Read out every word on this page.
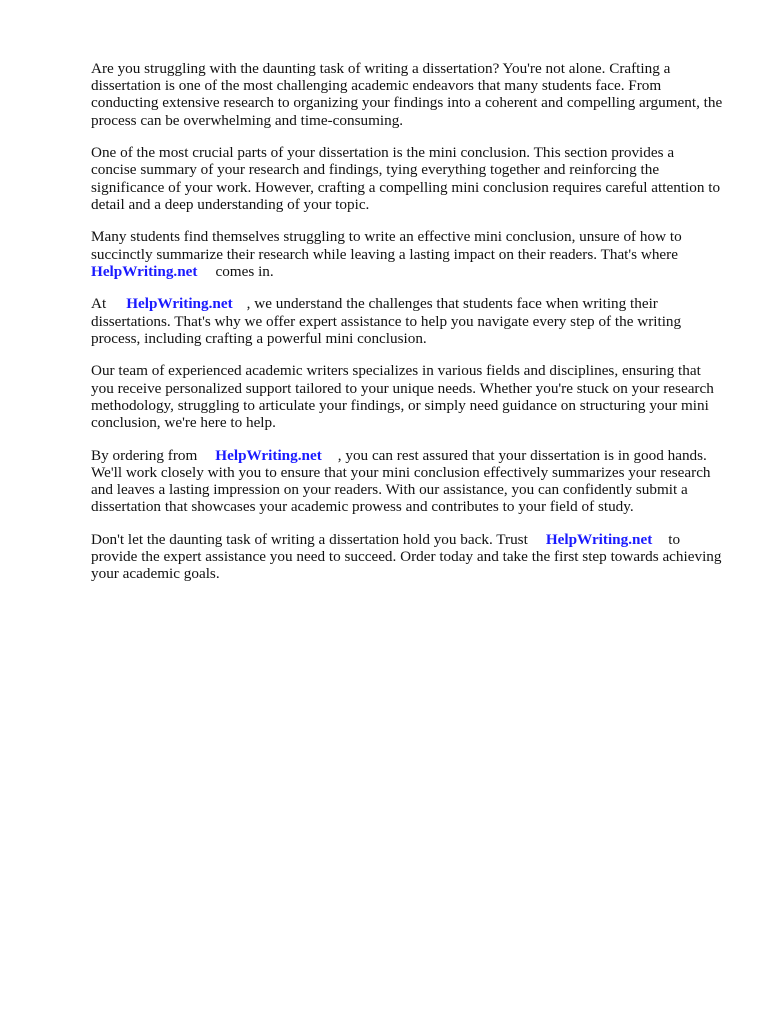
Are you struggling with the daunting task of writing a dissertation? You're not alone. Crafting a dissertation is one of the most challenging academic endeavors that many students face. From conducting extensive research to organizing your findings into a coherent and compelling argument, the process can be overwhelming and time-consuming.

One of the most crucial parts of your dissertation is the mini conclusion. This section provides a concise summary of your research and findings, tying everything together and reinforcing the significance of your work. However, crafting a compelling mini conclusion requires careful attention to detail and a deep understanding of your topic.

Many students find themselves struggling to write an effective mini conclusion, unsure of how to succinctly summarize their research while leaving a lasting impact on their readers. That's where
HelpWriting.net comes in.

At HelpWriting.net , we understand the challenges that students face when writing their dissertations. That's why we offer expert assistance to help you navigate every step of the writing process, including crafting a powerful mini conclusion.

Our team of experienced academic writers specializes in various fields and disciplines, ensuring that you receive personalized support tailored to your unique needs. Whether you're stuck on your research methodology, struggling to articulate your findings, or simply need guidance on structuring your mini conclusion, we're here to help.

By ordering from HelpWriting.net , you can rest assured that your dissertation is in good hands. We'll work closely with you to ensure that your mini conclusion effectively summarizes your research and leaves a lasting impression on your readers. With our assistance, you can confidently submit a dissertation that showcases your academic prowess and contributes to your field of study.

Don't let the daunting task of writing a dissertation hold you back. Trust HelpWriting.net to provide the expert assistance you need to succeed. Order today and take the first step towards achieving your academic goals.
